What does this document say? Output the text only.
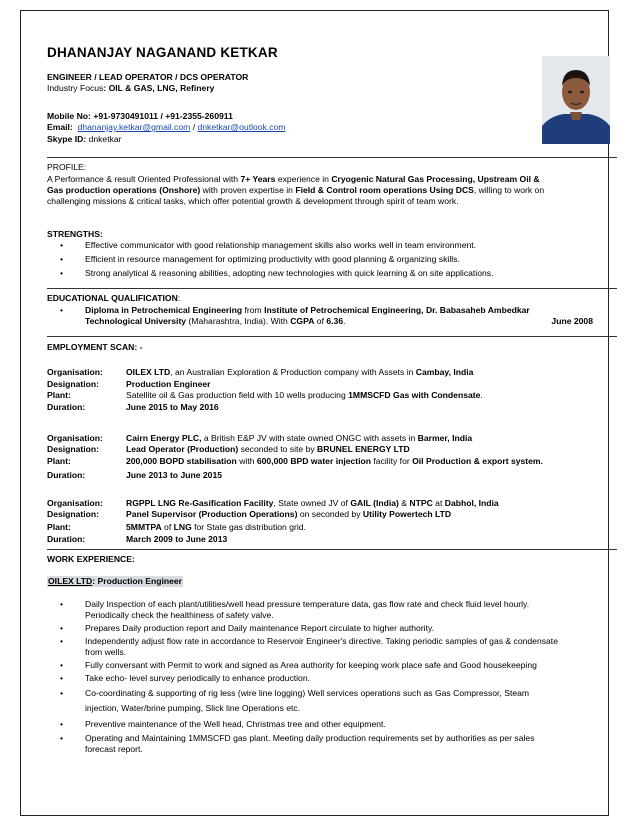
DHANANJAY NAGANAND KETKAR
ENGINEER / LEAD OPERATOR / DCS OPERATOR
Industry Focus: OIL & GAS, LNG, Refinery
Mobile No: +91-9730491011 / +91-2355-260911
Email: dhananjay.ketkar@gmail.com / dnketkar@outlook.com
Skype ID: dnketkar
PROFILE:
A Performance & result Oriented Professional with 7+ Years experience in Cryogenic Natural Gas Processing, Upstream Oil &
Gas production operations (Onshore) with proven expertise in Field & Control room operations Using DCS, willing to work on
challenging missions & critical tasks, which offer potential growth & development through spirit of team work.
STRENGTHS:
•	Effective communicator with good relationship management skills also works well in team environment.
•	Efficient in resource management for optimizing productivity with good planning & organizing skills.
•	Strong analytical & reasoning abilities, adopting new technologies with quick learning & on site applications.
EDUCATIONAL QUALIFICATION:
•	Diploma in Petrochemical Engineering from Institute of Petrochemical Engineering, Dr. Babasaheb Ambedkar
Technological University (Maharashtra, India). With CGPA of 6.36.	June 2008
EMPLOYMENT SCAN: -
Organisation:	OILEX LTD, an Australian Exploration & Production company with Assets in Cambay, India
Designation:	Production Engineer
Plant:	Satellite oil & Gas production field with 10 wells producing 1MMSCFD Gas with Condensate.
Duration:	June 2015 to May 2016
Organisation:	Cairn Energy PLC, a British E&P JV with state owned ONGC with assets in Barmer, India
Designation:	Lead Operator (Production) seconded to site by BRUNEL ENERGY LTD
Plant:	200,000 BOPD stabilisation with 600,000 BPD water injection facility for Oil Production & export system.
Duration:	June 2013 to June 2015
Organisation:	RGPPL LNG Re-Gasification Facility, State owned JV of GAIL (India) & NTPC at Dabhol, India
Designation:	Panel Supervisor (Production Operations) on seconded by Utility Powertech LTD
Plant:	5MMTPA of LNG for State gas distribution grid.
Duration:	March 2009 to June 2013
WORK EXPERIENCE:
OILEX LTD: Production Engineer
•	Daily Inspection of each plant/utilities/well head pressure temperature data, gas flow rate and check fluid level hourly.
Periodically check the healthiness of safety valve.
•	Prepares Daily production report and Daily maintenance Report circulate to higher authority.
•	Independently adjust flow rate in accordance to Reservoir Engineer's directive. Taking periodic samples of gas & condensate
from wells.
•	Fully conversant with Permit to work and signed as Area authority for keeping work place safe and Good housekeeping
•	Take echo- level survey periodically to enhance production.
•	Co-coordinating & supporting of rig less (wire line logging) Well services operations such as Gas Compressor, Steam
injection, Water/brine pumping, Slick line Operations etc.
•	Preventive maintenance of the Well head, Christmas tree and other equipment.
•	Operating and Maintaining 1MMSCFD gas plant. Meeting daily production requirements set by authorities as per sales
forecast report.
